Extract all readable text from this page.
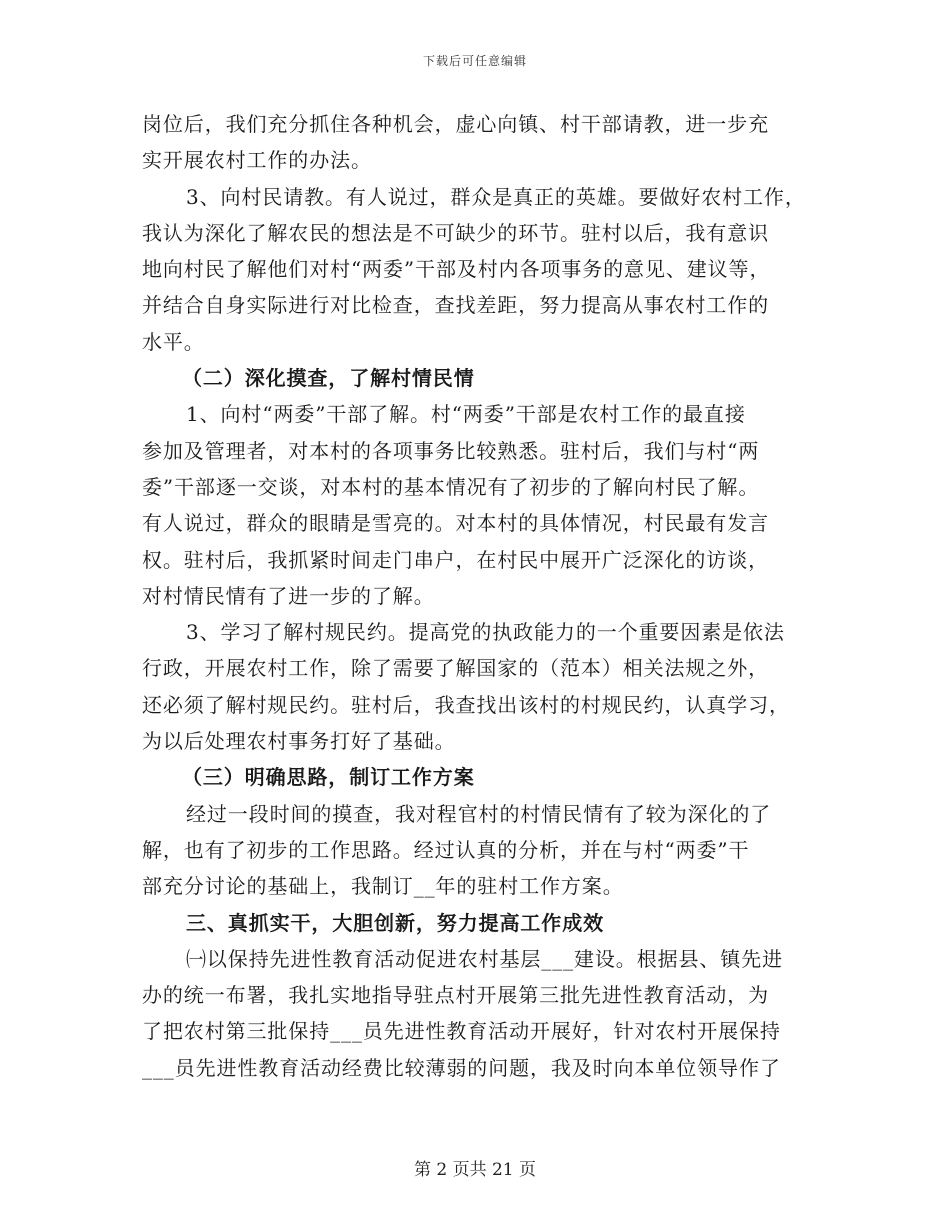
下载后可任意编辑
岗位后，我们充分抓住各种机会，虚心向镇、村干部请教，进一步充
实开展农村工作的办法。
3、向村民请教。有人说过，群众是真正的英雄。要做好农村工作，
我认为深化了解农民的想法是不可缺少的环节。驻村以后，我有意识
地向村民了解他们对村“两委”干部及村内各项事务的意见、建议等，
并结合自身实际进行对比检查，查找差距，努力提高从事农村工作的
水平。
（二）深化摸查，了解村情民情
1、向村“两委”干部了解。村“两委”干部是农村工作的最直接
参加及管理者，对本村的各项事务比较熟悉。驻村后，我们与村“两
委”干部逐一交谈，对本村的基本情况有了初步的了解向村民了解。
有人说过，群众的眼睛是雪亮的。对本村的具体情况，村民最有发言
权。驻村后，我抓紧时间走门串户，在村民中展开广泛深化的访谈，
对村情民情有了进一步的了解。
3、学习了解村规民约。提高党的执政能力的一个重要因素是依法
行政，开展农村工作，除了需要了解国家的（范本）相关法规之外，
还必须了解村规民约。驻村后，我查找出该村的村规民约，认真学习，
为以后处理农村事务打好了基础。
（三）明确思路，制订工作方案
经过一段时间的摸查，我对程官村的村情民情有了较为深化的了
解，也有了初步的工作思路。经过认真的分析，并在与村“两委”干
部充分讨论的基础上，我制订__年的驻村工作方案。
三、真抓实干，大胆创新，努力提高工作成效
㈠以保持先进性教育活动促进农村基层___建设。根据县、镇先进
办的统一布署，我扎实地指导驻点村开展第三批先进性教育活动，为
了把农村第三批保持___员先进性教育活动开展好，针对农村开展保持
___员先进性教育活动经费比较薄弱的问题，我及时向本单位领导作了
第 2 页共 21 页
